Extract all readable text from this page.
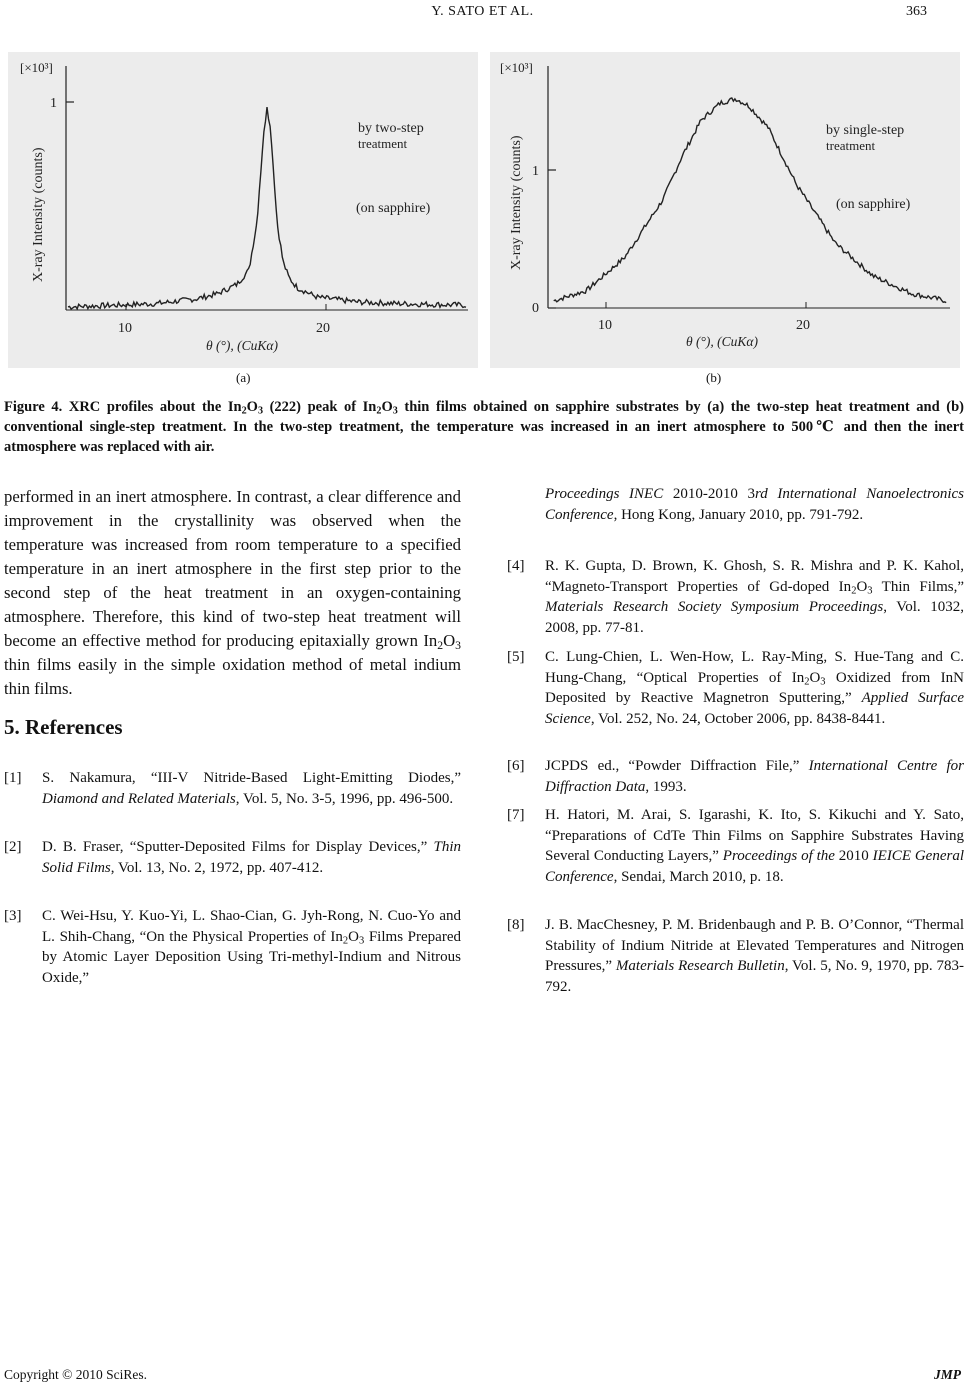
Y. SATO ET AL.	363
[×10³]
1
10	20
θ (°), (CuKα)
X-ray Intensity (counts)
by two-step
treatment
(on sapphire)
[×10³]
1
0
10	20
θ (°), (CuKα)
X-ray Intensity (counts)
by single-step
treatment
(on sapphire)
(a)	(b)
Figure 4. XRC profiles about the $In_2O_3$ (222) peak of $In_2O_3$ thin films obtained on sapphire substrates by (a) the two-step heat treatment and (b) conventional single-step treatment. In the two-step treatment, the temperature was increased in an inert atmosphere to 500℃ and then the inert atmosphere was replaced with air.
performed in an inert atmosphere. In contrast, a clear difference and improvement in the crystallinity was observed when the temperature was increased from room temperature to a specified temperature in an inert atmosphere in the first step prior to the second step of the heat treatment in an oxygen-containing atmosphere. Therefore, this kind of two-step heat treatment will become an effective method for producing epitaxially grown $In_2O_3$ thin films easily in the simple oxidation method of metal indium thin films.
5. References
[1] S. Nakamura, “III-V Nitride-Based Light-Emitting Diodes,” Diamond and Related Materials, Vol. 5, No. 3-5, 1996, pp. 496-500.
[2] D. B. Fraser, “Sputter-Deposited Films for Display Devices,” Thin Solid Films, Vol. 13, No. 2, 1972, pp. 407-412.
[3] C. Wei-Hsu, Y. Kuo-Yi, L. Shao-Cian, G. Jyh-Rong, N. Cuo-Yo and L. Shih-Chang, “On the Physical Properties of $In_2O_3$ Films Prepared by Atomic Layer Deposition Using Tri-methyl-Indium and Nitrous Oxide,”
Proceedings INEC 2010-2010 3rd International Nanoelectronics Conference, Hong Kong, January 2010, pp. 791-792.
[4] R. K. Gupta, D. Brown, K. Ghosh, S. R. Mishra and P. K. Kahol, “Magneto-Transport Properties of Gd-doped $In_2O_3$ Thin Films,” Materials Research Society Symposium Proceedings, Vol. 1032, 2008, pp. 77-81.
[5] C. Lung-Chien, L. Wen-How, L. Ray-Ming, S. Hue-Tang and C. Hung-Chang, “Optical Properties of $In_2O_3$ Oxidized from InN Deposited by Reactive Magnetron Sputtering,” Applied Surface Science, Vol. 252, No. 24, October 2006, pp. 8438-8441.
[6] JCPDS ed., “Powder Diffraction File,” International Centre for Diffraction Data, 1993.
[7] H. Hatori, M. Arai, S. Igarashi, K. Ito, S. Kikuchi and Y. Sato, “Preparations of CdTe Thin Films on Sapphire Substrates Having Several Conducting Layers,” Proceedings of the 2010 IEICE General Conference, Sendai, March 2010, p. 18.
[8] J. B. MacChesney, P. M. Bridenbaugh and P. B. O’Connor, “Thermal Stability of Indium Nitride at Elevated Temperatures and Nitrogen Pressures,” Materials Research Bulletin, Vol. 5, No. 9, 1970, pp. 783-792.
Copyright © 2010 SciRes.	JMP
